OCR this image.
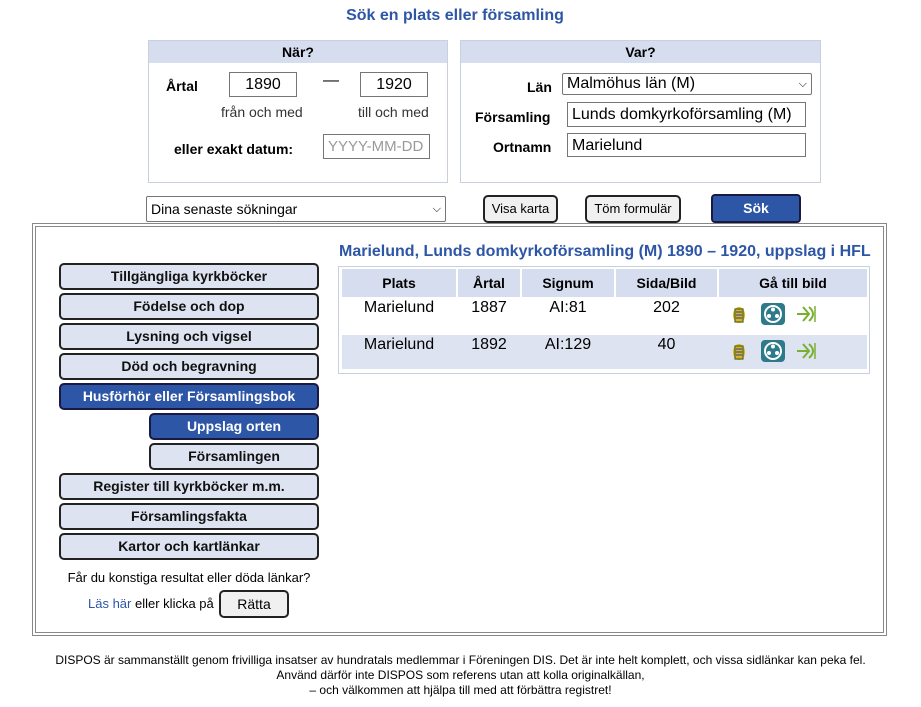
Sök en plats eller församling
När?
Årtal	1890	—	1920
från och med	till och med
eller exakt datum:
YYYY-MM-DD
Var?
Län Malmöhus län (M)	⌵
Församling	Lunds domkyrkoförsamling (M)
Ortnamn	Marielund
Dina senaste sökningar	⌵	Visa karta	Töm formulär	Sök
Tillgängliga kyrkböcker
Födelse och dop
Lysning och vigsel
Död och begravning
Husförhör eller Församlingsbok
Uppslag orten
Församlingen
Register till kyrkböcker m.m.
Församlingsfakta
Kartor och kartlänkar
Får du konstiga resultat eller döda länkar?
Läs här eller klicka på	Rätta
Marielund, Lunds domkyrkoförsamling (M) 1890 – 1920, uppslag i HFL
Plats	Årtal	Signum	Sida/Bild	Gå till bild
Marielund	1887	AI:81	202
Marielund	1892	AI:129	40
DISPOS är sammanställt genom frivilliga insatser av hundratals medlemmar i Föreningen DIS. Det är inte helt komplett, och vissa sidlänkar kan peka fel.
Använd därför inte DISPOS som referens utan att kolla originalkällan,
– och välkommen att hjälpa till med att förbättra registret!
